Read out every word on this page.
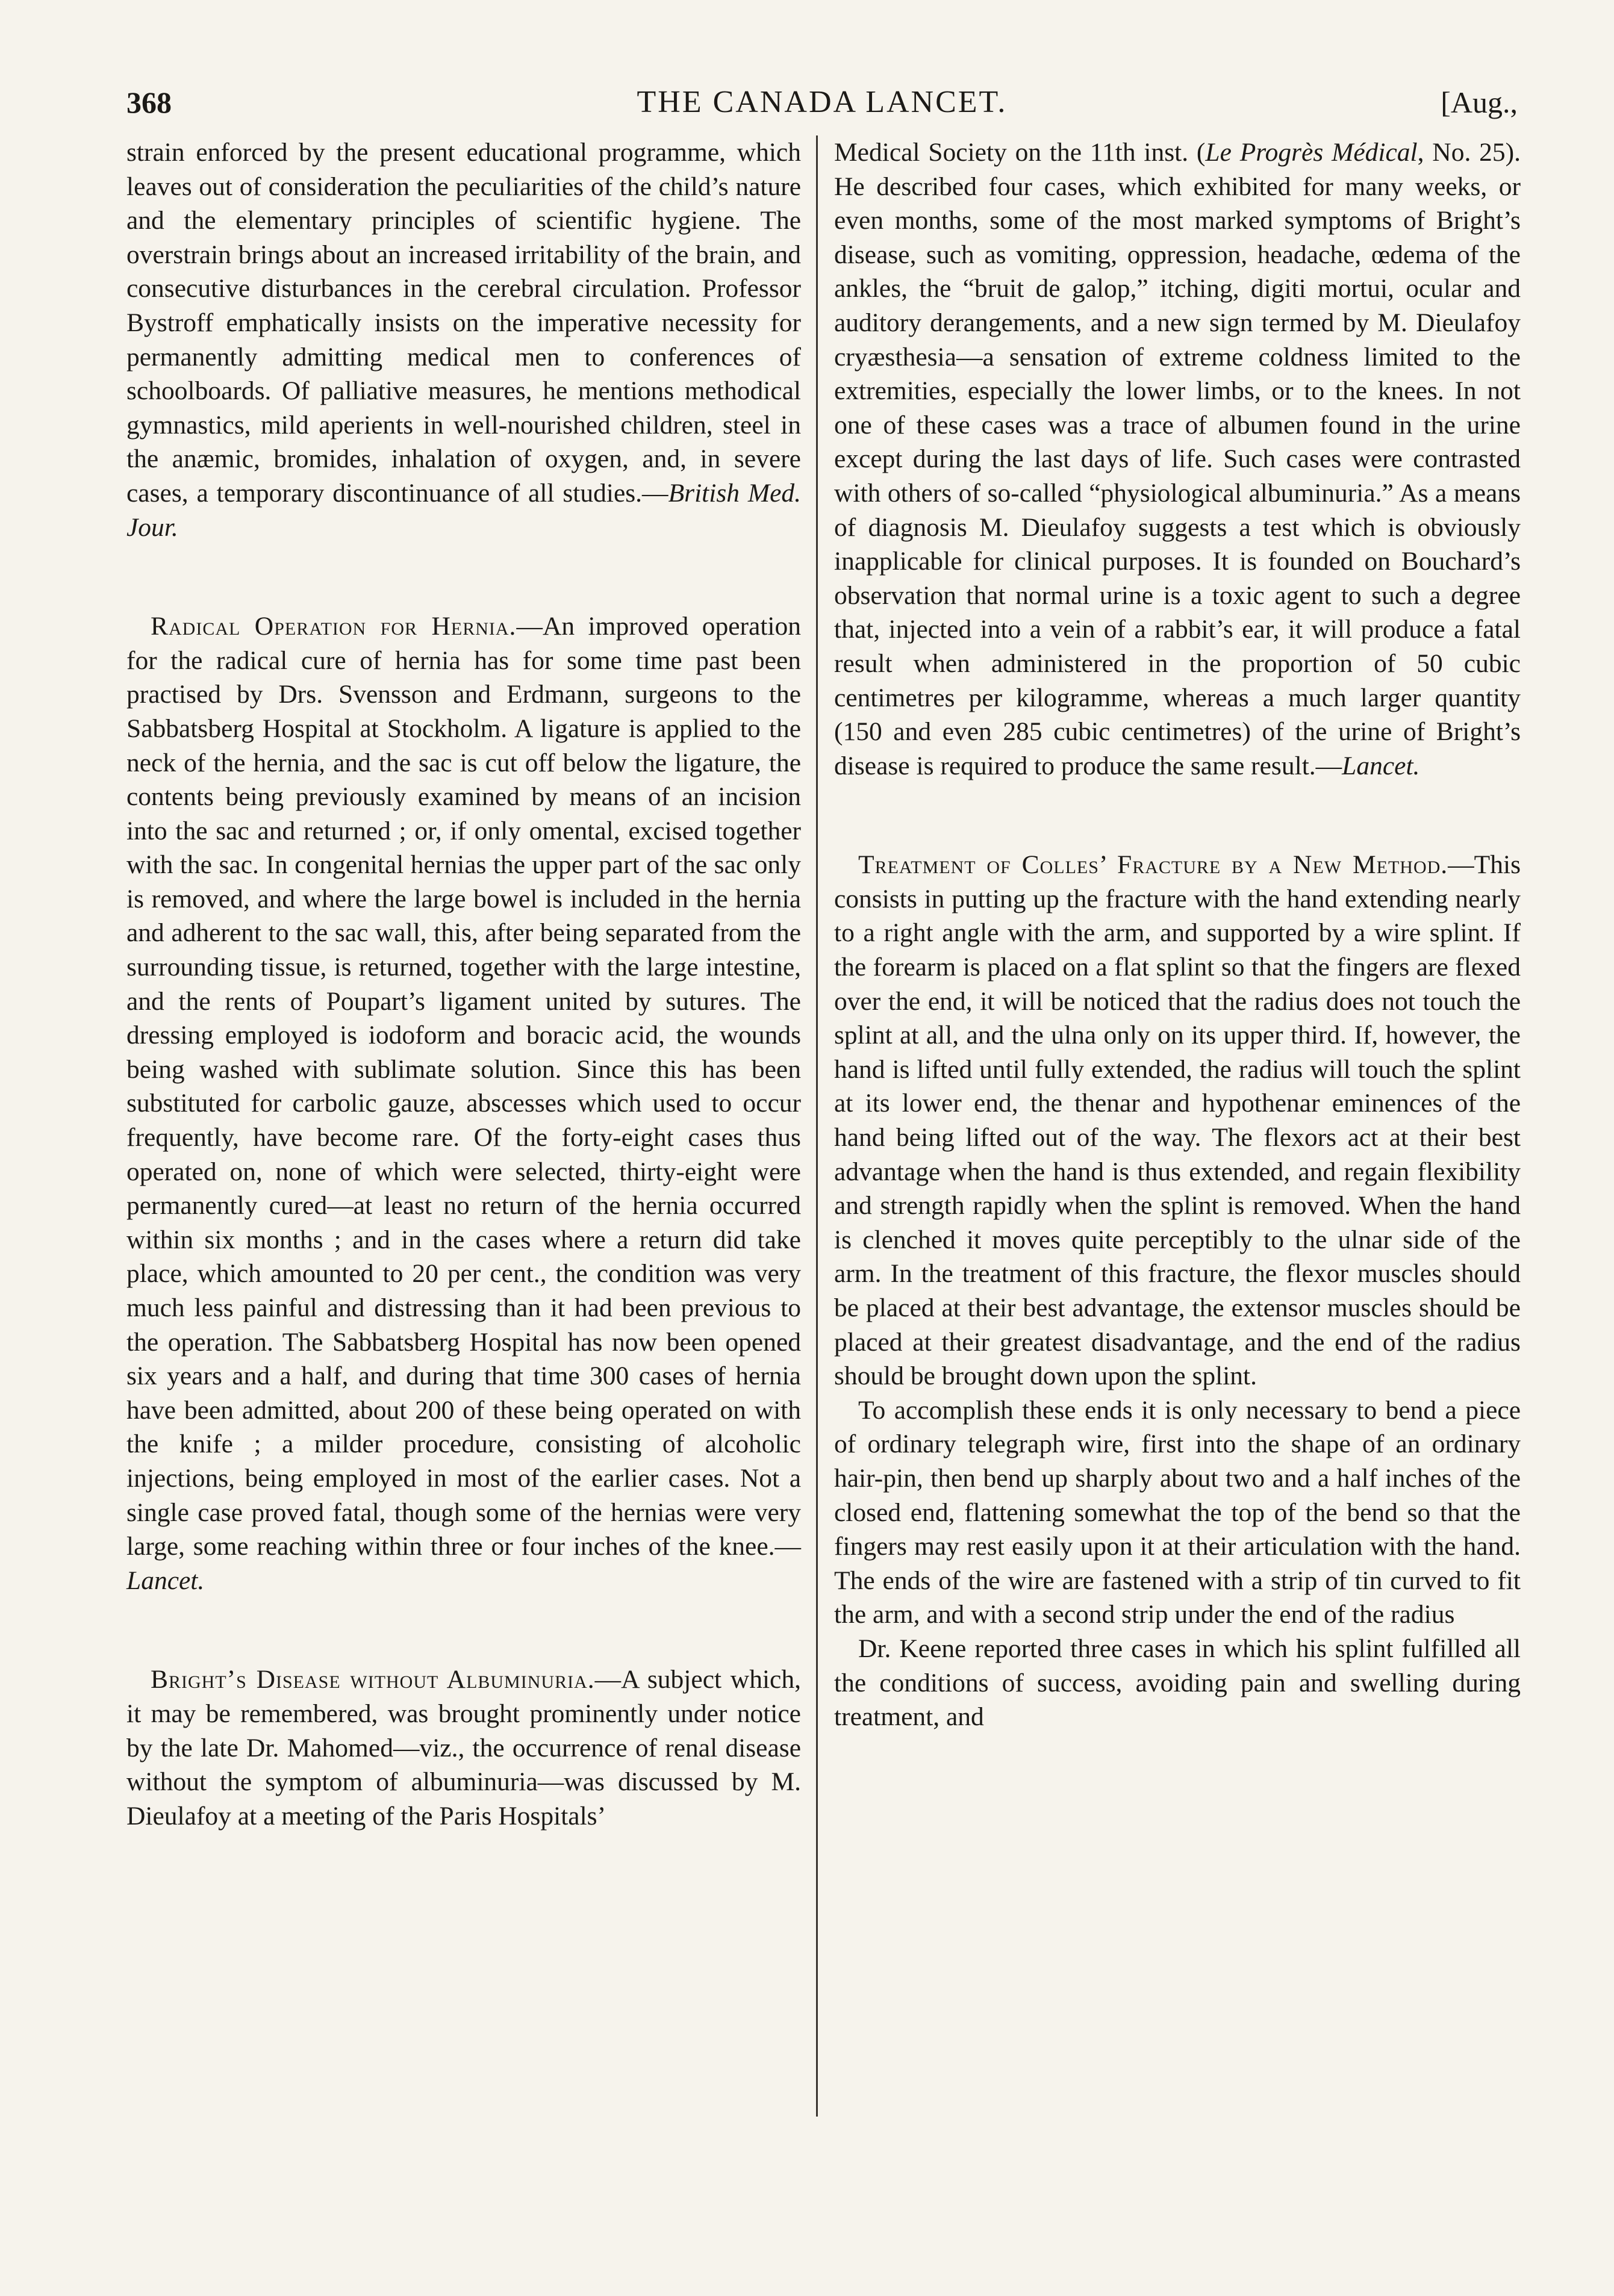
368	THE CANADA LANCET.	[Aug.,

strain enforced by the present educational programme, which leaves out of consideration the peculiarities of the child’s nature and the elementary principles of scientific hygiene. The overstrain brings about an increased irritability of the brain, and consecutive disturbances in the cerebral circulation. Professor Bystroff emphatically insists on the imperative necessity for permanently admitting medical men to conferences of schoolboards. Of palliative measures, he mentions methodical gymnastics, mild aperients in well-nourished children, steel in the anæmic, bromides, inhalation of oxygen, and, in severe cases, a temporary discontinuance of all studies.—British Med. Jour.

Radical Operation for Hernia.—An improved operation for the radical cure of hernia has for some time past been practised by Drs. Svensson and Erdmann, surgeons to the Sabbatsberg Hospital at Stockholm. A ligature is applied to the neck of the hernia, and the sac is cut off below the ligature, the contents being previously examined by means of an incision into the sac and returned ; or, if only omental, excised together with the sac. In congenital hernias the upper part of the sac only is removed, and where the large bowel is included in the hernia and adherent to the sac wall, this, after being separated from the surrounding tissue, is returned, together with the large intestine, and the rents of Poupart’s ligament united by sutures. The dressing employed is iodoform and boracic acid, the wounds being washed with sublimate solution. Since this has been substituted for carbolic gauze, abscesses which used to occur frequently, have become rare. Of the forty-eight cases thus operated on, none of which were selected, thirty-eight were permanently cured—at least no return of the hernia occurred within six months ; and in the cases where a return did take place, which amounted to 20 per cent., the condition was very much less painful and distressing than it had been previous to the operation. The Sabbatsberg Hospital has now been opened six years and a half, and during that time 300 cases of hernia have been admitted, about 200 of these being operated on with the knife ; a milder procedure, consisting of alcoholic injections, being employed in most of the earlier cases. Not a single case proved fatal, though some of the hernias were very large, some reaching within three or four inches of the knee.—Lancet.

Bright’s Disease without Albuminuria.—A subject which, it may be remembered, was brought prominently under notice by the late Dr. Mahomed—viz., the occurrence of renal disease without the symptom of albuminuria—was discussed by M. Dieulafoy at a meeting of the Paris Hospitals’

Medical Society on the 11th inst. (Le Progrès Médical, No. 25). He described four cases, which exhibited for many weeks, or even months, some of the most marked symptoms of Bright’s disease, such as vomiting, oppression, headache, œdema of the ankles, the “bruit de galop,” itching, digiti mortui, ocular and auditory derangements, and a new sign termed by M. Dieulafoy cryæsthesia—a sensation of extreme coldness limited to the extremities, especially the lower limbs, or to the knees. In not one of these cases was a trace of albumen found in the urine except during the last days of life. Such cases were contrasted with others of so-called “physiological albuminuria.” As a means of diagnosis M. Dieulafoy suggests a test which is obviously inapplicable for clinical purposes. It is founded on Bouchard’s observation that normal urine is a toxic agent to such a degree that, injected into a vein of a rabbit’s ear, it will produce a fatal result when administered in the proportion of 50 cubic centimetres per kilogramme, whereas a much larger quantity (150 and even 285 cubic centimetres) of the urine of Bright’s disease is required to produce the same result.—Lancet.

Treatment of Colles’ Fracture by a New Method.—This consists in putting up the fracture with the hand extending nearly to a right angle with the arm, and supported by a wire splint. If the forearm is placed on a flat splint so that the fingers are flexed over the end, it will be noticed that the radius does not touch the splint at all, and the ulna only on its upper third. If, however, the hand is lifted until fully extended, the radius will touch the splint at its lower end, the thenar and hypothenar eminences of the hand being lifted out of the way. The flexors act at their best advantage when the hand is thus extended, and regain flexibility and strength rapidly when the splint is removed. When the hand is clenched it moves quite perceptibly to the ulnar side of the arm. In the treatment of this fracture, the flexor muscles should be placed at their best advantage, the extensor muscles should be placed at their greatest disadvantage, and the end of the radius should be brought down upon the splint.

To accomplish these ends it is only necessary to bend a piece of ordinary telegraph wire, first into the shape of an ordinary hair-pin, then bend up sharply about two and a half inches of the closed end, flattening somewhat the top of the bend so that the fingers may rest easily upon it at their articulation with the hand. The ends of the wire are fastened with a strip of tin curved to fit the arm, and with a second strip under the end of the radius

Dr. Keene reported three cases in which his splint fulfilled all the conditions of success, avoiding pain and swelling during treatment, and
